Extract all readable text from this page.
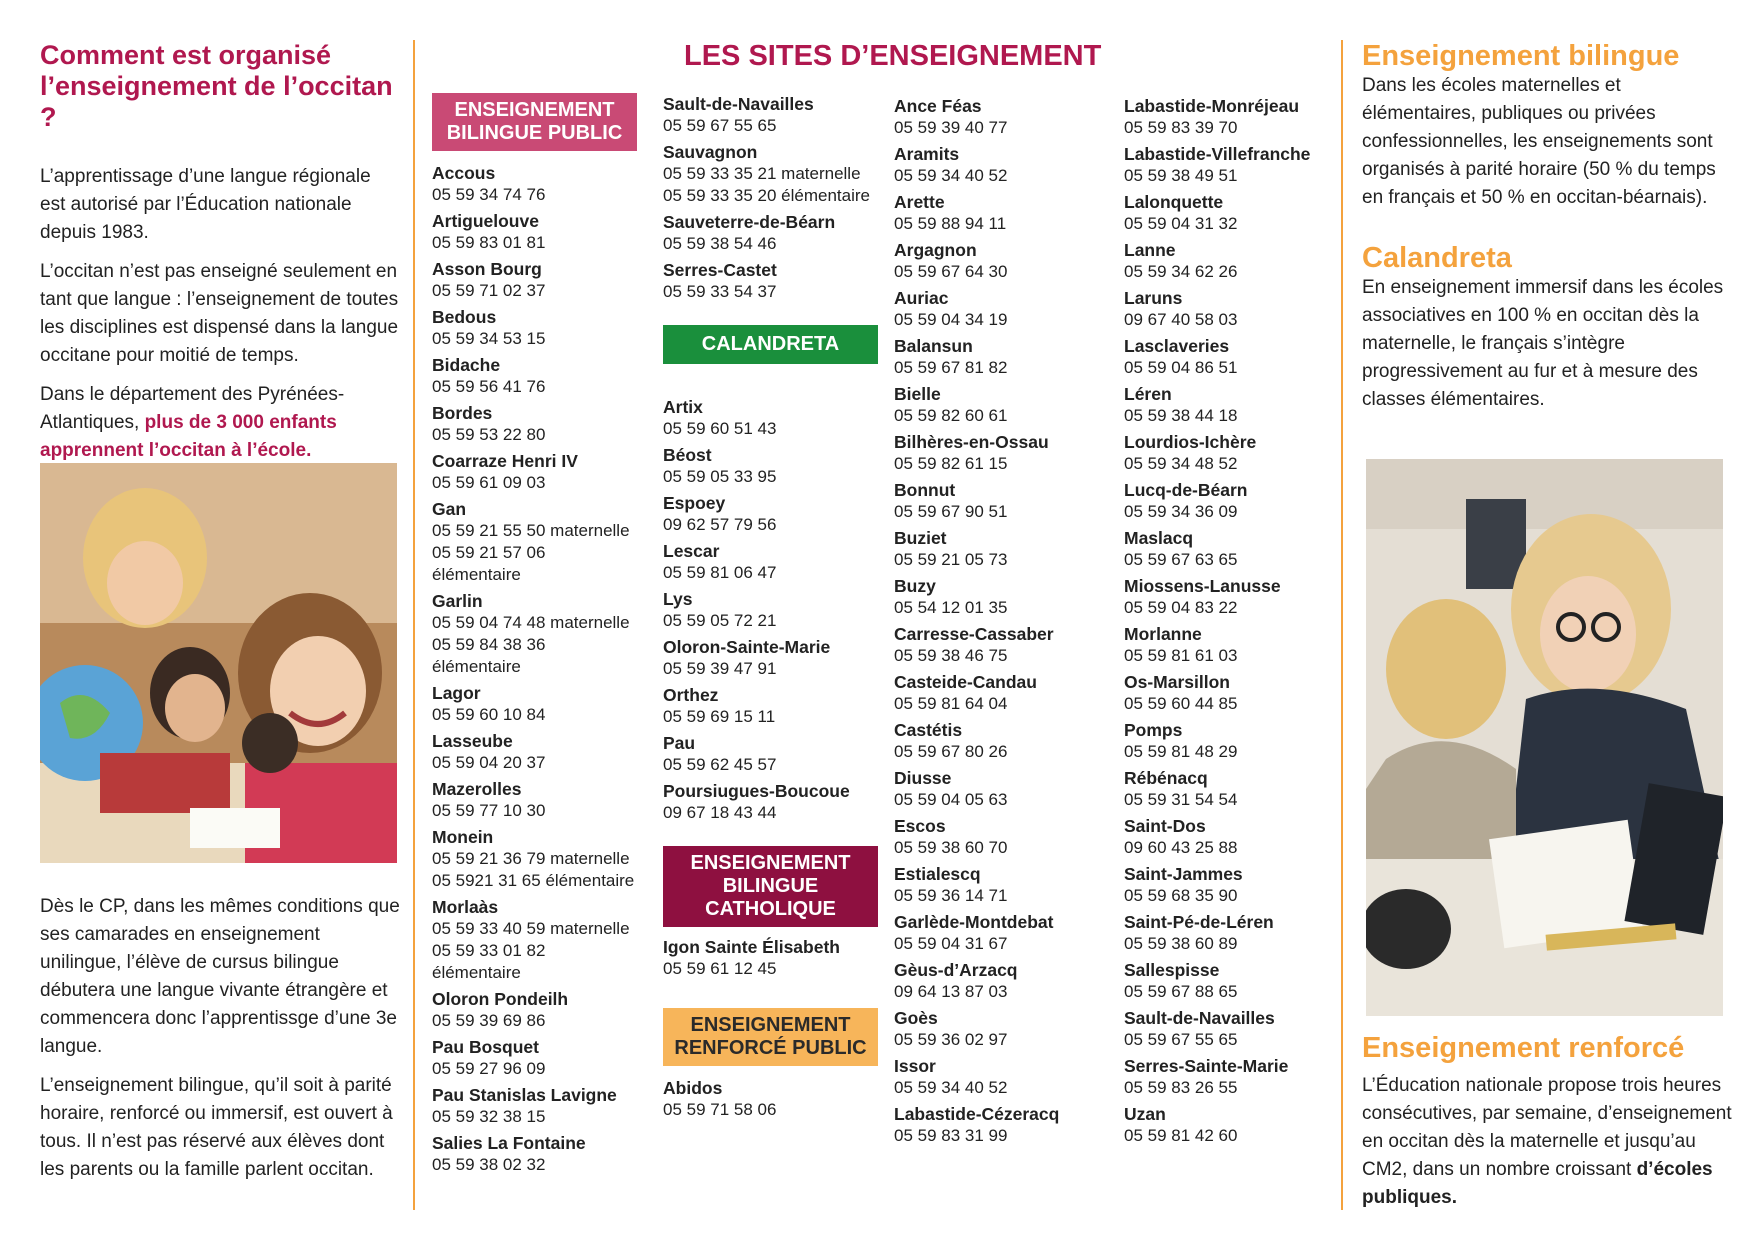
Comment est organisé l’enseignement de l’occitan ?

L’apprentissage d’une langue régionale est autorisé par l’Éducation nationale depuis 1983.

L’occitan n’est pas enseigné seulement en tant que langue : l’enseignement de toutes les disciplines est dispensé dans la langue occitane pour moitié de temps.

Dans le département des Pyrénées-Atlantiques, plus de 3 000 enfants apprennent l’occitan à l’école.

Dès le CP, dans les mêmes conditions que ses camarades en enseignement unilingue, l’élève de cursus bilingue débutera une langue vivante étrangère et commencera donc l’apprentissge d’une 3e langue.

L’enseignement bilingue, qu’il soit à parité horaire, renforcé ou immersif, est ouvert à tous. Il n’est pas réservé aux élèves dont les parents ou la famille parlent occitan.

LES SITES D’ENSEIGNEMENT
ENSEIGNEMENT BILINGUE PUBLIC
Accous
05 59 34 74 76
Artiguelouve
05 59 83 01 81
Asson Bourg
05 59 71 02 37
Bedous
05 59 34 53 15
Bidache
05 59 56 41 76
Bordes
05 59 53 22 80
Coarraze Henri IV
05 59 61 09 03
Gan
05 59 21 55 50 maternelle
05 59 21 57 06 élémentaire
Garlin
05 59 04 74 48 maternelle
05 59 84 38 36 élémentaire
Lagor
05 59 60 10 84
Lasseube
05 59 04 20 37
Mazerolles
05 59 77 10 30
Monein
05 59 21 36 79 maternelle
05 5921 31 65 élémentaire
Morlaàs
05 59 33 40 59 maternelle
05 59 33 01 82 élémentaire
Oloron Pondeilh
05 59 39 69 86
Pau Bosquet
05 59 27 96 09
Pau Stanislas Lavigne
05 59 32 38 15
Salies La Fontaine
05 59 38 02 32
Sault-de-Navailles
05 59 67 55 65
Sauvagnon
05 59 33 35 21 maternelle
05 59 33 35 20 élémentaire
Sauveterre-de-Béarn
05 59 38 54 46
Serres-Castet
05 59 33 54 37
CALANDRETA
Artix
05 59 60 51 43
Béost
05 59 05 33 95
Espoey
09 62 57 79 56
Lescar
05 59 81 06 47
Lys
05 59 05 72 21
Oloron-Sainte-Marie
05 59 39 47 91
Orthez
05 59 69 15 11
Pau
05 59 62 45 57
Poursiugues-Boucoue
09 67 18 43 44
ENSEIGNEMENT BILINGUE CATHOLIQUE
Igon Sainte Élisabeth
05 59 61 12 45
ENSEIGNEMENT RENFORCÉ PUBLIC
Abidos
05 59 71 58 06
Ance Féas
05 59 39 40 77
Aramits
05 59 34 40 52
Arette
05 59 88 94 11
Argagnon
05 59 67 64 30
Auriac
05 59 04 34 19
Balansun
05 59 67 81 82
Bielle
05 59 82 60 61
Bilhères-en-Ossau
05 59 82 61 15
Bonnut
05 59 67 90 51
Buziet
05 59 21 05 73
Buzy
05 54 12 01 35
Carresse-Cassaber
05 59 38 46 75
Casteide-Candau
05 59 81 64 04
Castétis
05 59 67 80 26
Diusse
05 59 04 05 63
Escos
05 59 38 60 70
Estialescq
05 59 36 14 71
Garlède-Montdebat
05 59 04 31 67
Gèus-d’Arzacq
09 64 13 87 03
Goès
05 59 36 02 97
Issor
05 59 34 40 52
Labastide-Cézeracq
05 59 83 31 99
Labastide-Monréjeau
05 59 83 39 70
Labastide-Villefranche
05 59 38 49 51
Lalonquette
05 59 04 31 32
Lanne
05 59 34 62 26
Laruns
09 67 40 58 03
Lasclaveries
05 59 04 86 51
Léren
05 59 38 44 18
Lourdios-Ichère
05 59 34 48 52
Lucq-de-Béarn
05 59 34 36 09
Maslacq
05 59 67 63 65
Miossens-Lanusse
05 59 04 83 22
Morlanne
05 59 81 61 03
Os-Marsillon
05 59 60 44 85
Pomps
05 59 81 48 29
Rébénacq
05 59 31 54 54
Saint-Dos
09 60 43 25 88
Saint-Jammes
05 59 68 35 90
Saint-Pé-de-Léren
05 59 38 60 89
Sallespisse
05 59 67 88 65
Sault-de-Navailles
05 59 67 55 65
Serres-Sainte-Marie
05 59 83 26 55
Uzan
05 59 81 42 60
Enseignement bilingue

Dans les écoles maternelles et élémentaires, publiques ou privées confessionnelles, les enseignements sont organisés à parité horaire (50 % du temps en français et 50 % en occitan-béarnais).

Calandreta

En enseignement immersif dans les écoles associatives en 100 % en occitan dès la maternelle, le français s’intègre progressivement au fur et à mesure des classes élémentaires.

Enseignement renforcé

L’Éducation nationale propose trois heures consécutives, par semaine, d’enseignement en occitan dès la maternelle et jusqu’au CM2, dans un nombre croissant d’écoles publiques.
